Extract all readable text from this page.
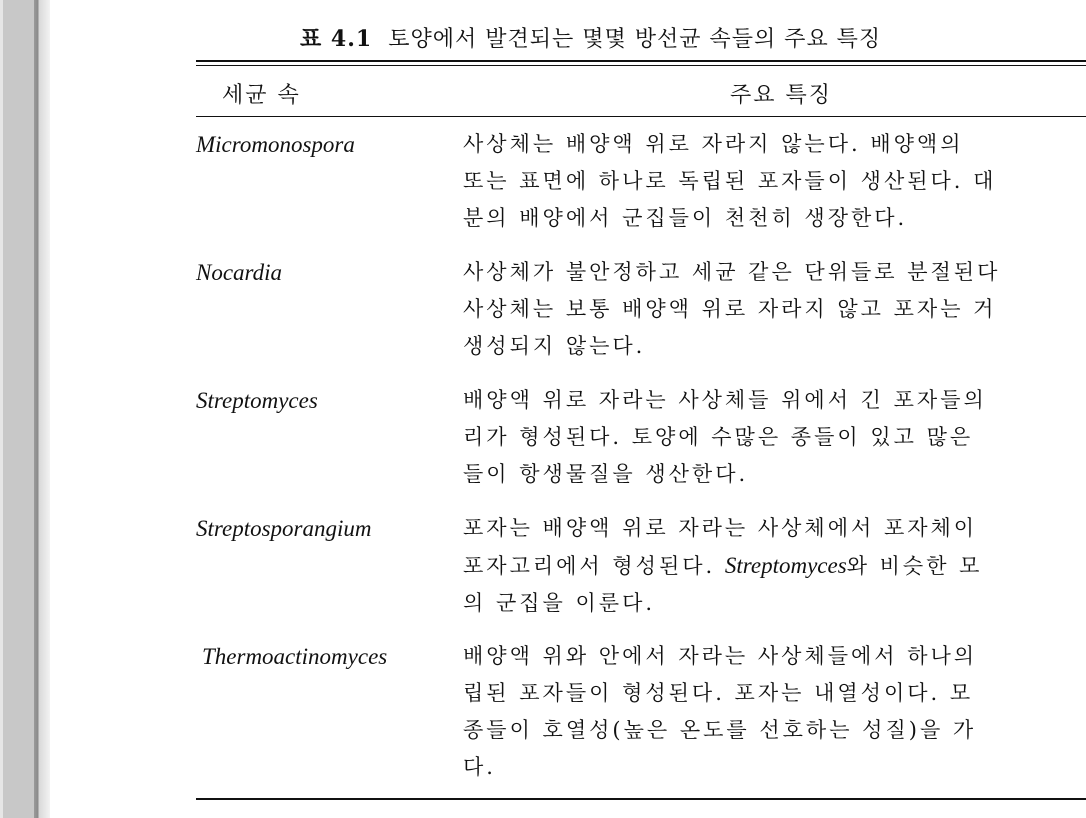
표 4.1 토양에서 발견되는 몇몇 방선균 속들의 주요 특징
세균 속	주요 특징
Micromonospora	사상체는 배양액 위로 자라지 않는다. 배양액의
또는 표면에 하나로 독립된 포자들이 생산된다. 대
분의 배양에서 군집들이 천천히 생장한다.
Nocardia	사상체가 불안정하고 세균 같은 단위들로 분절된다
사상체는 보통 배양액 위로 자라지 않고 포자는 거
생성되지 않는다.
Streptomyces	배양액 위로 자라는 사상체들 위에서 긴 포자들의
리가 형성된다. 토양에 수많은 종들이 있고 많은
들이 항생물질을 생산한다.
Streptosporangium	포자는 배양액 위로 자라는 사상체에서 포자체이
포자고리에서 형성된다. Streptomyces와 비슷한 모
의 군집을 이룬다.
Thermoactinomyces	배양액 위와 안에서 자라는 사상체들에서 하나의
립된 포자들이 형성된다. 포자는 내열성이다. 모
종들이 호열성(높은 온도를 선호하는 성질)을 가
다.
